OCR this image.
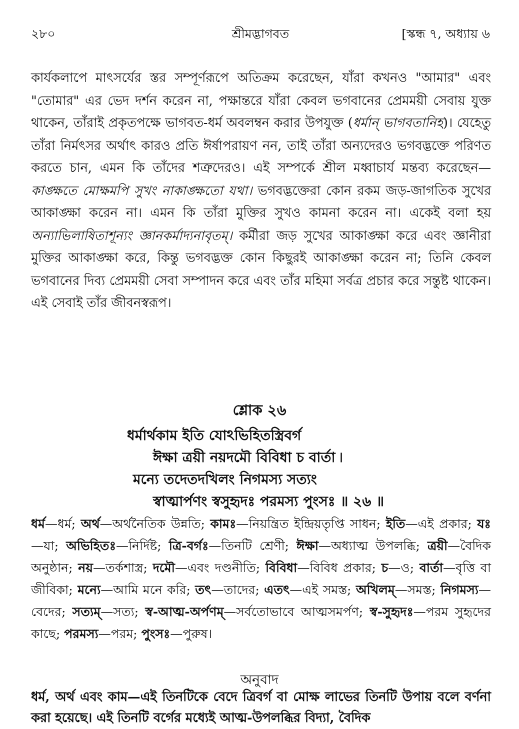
২৮০	শ্রীমদ্ভাগবত	[স্কন্ধ ৭, অধ্যায় ৬

কার্যকলাপে মাৎসর্যের স্তর সম্পূর্ণরূপে অতিক্রম করেছেন, যাঁরা কখনও "আমার" এবং "তোমার" এর ভেদ দর্শন করেন না, পক্ষান্তরে যাঁরা কেবল ভগবানের প্রেমময়ী সেবায় যুক্ত থাকেন, তাঁরাই প্রকৃতপক্ষে ভাগবত-ধর্ম অবলম্বন করার উপযুক্ত (ধর্মান্ ভাগবতানিহ)। যেহেতু তাঁরা নির্মৎসর অর্থাৎ কারও প্রতি ঈর্ষাপরায়ণ নন, তাই তাঁরা অন্যদেরও ভগবদ্ভক্তে পরিণত করতে চান, এমন কি তাঁদের শত্রুদেরও। এই সম্পর্কে শ্রীল মধ্বাচার্য মন্তব্য করেছেন—কাঙ্ক্ষতে মোক্ষমপি সুখং নাকাঙ্ক্ষতো যথা। ভগবদ্ভক্তেরা কোন রকম জড়-জাগতিক সুখের আকাঙ্ক্ষা করেন না। এমন কি তাঁরা মুক্তির সুখও কামনা করেন না। একেই বলা হয় অন্যাভিলাষিতাশূন্যং জ্ঞানকর্মাদ্যনাবৃতম্। কর্মীরা জড় সুখের আকাঙ্ক্ষা করে এবং জ্ঞানীরা মুক্তির আকাঙ্ক্ষা করে, কিন্তু ভগবদ্ভক্ত কোন কিছুরই আকাঙ্ক্ষা করেন না; তিনি কেবল ভগবানের দিব্য প্রেমময়ী সেবা সম্পাদন করে এবং তাঁর মহিমা সর্বত্র প্রচার করে সন্তুষ্ট থাকেন। এই সেবাই তাঁর জীবনস্বরূপ।

শ্লোক ২৬
ধর্মার্থকাম ইতি যোঽভিহিতস্ত্রিবর্গ
ঈক্ষা ত্রয়ী নয়দমৌ বিবিধা চ বার্তা ৷
মন্যে তদেতদখিলং নিগমস্য সত্যং
স্বাত্মার্পণং স্বসুহৃদঃ পরমস্য পুংসঃ ॥ ২৬ ॥

ধর্ম—ধর্ম; অর্থ—অর্থনৈতিক উন্নতি; কামঃ—নিয়ন্ত্রিত ইন্দ্রিয়তৃপ্তি সাধন; ইতি—এই প্রকার; যঃ—যা; অভিহিতঃ—নির্দিষ্ট; ত্রি-বর্গঃ—তিনটি শ্রেণী; ঈক্ষা—অধ্যাত্ম উপলব্ধি; ত্রয়ী—বৈদিক অনুষ্ঠান; নয়—তর্কশাস্ত্র; দমৌ—এবং দণ্ডনীতি; বিবিধা—বিবিধ প্রকার; চ—ও; বার্তা—বৃত্তি বা জীবিকা; মন্যে—আমি মনে করি; তৎ—তাদের; এতৎ—এই সমস্ত; অখিলম্—সমস্ত; নিগমস্য—বেদের; সত্যম্—সত্য; স্ব-আত্ম-অর্পণম্—সর্বতোভাবে আত্মসমর্পণ; স্ব-সুহৃদঃ—পরম সুহৃদের কাছে; পরমস্য—পরম; পুংসঃ—পুরুষ।

অনুবাদ

ধর্ম, অর্থ এবং কাম—এই তিনটিকে বেদে ত্রিবর্গ বা মোক্ষ লাভের তিনটি উপায় বলে বর্ণনা করা হয়েছে। এই তিনটি বর্গের মধ্যেই আত্ম-উপলব্ধির বিদ্যা, বৈদিক
